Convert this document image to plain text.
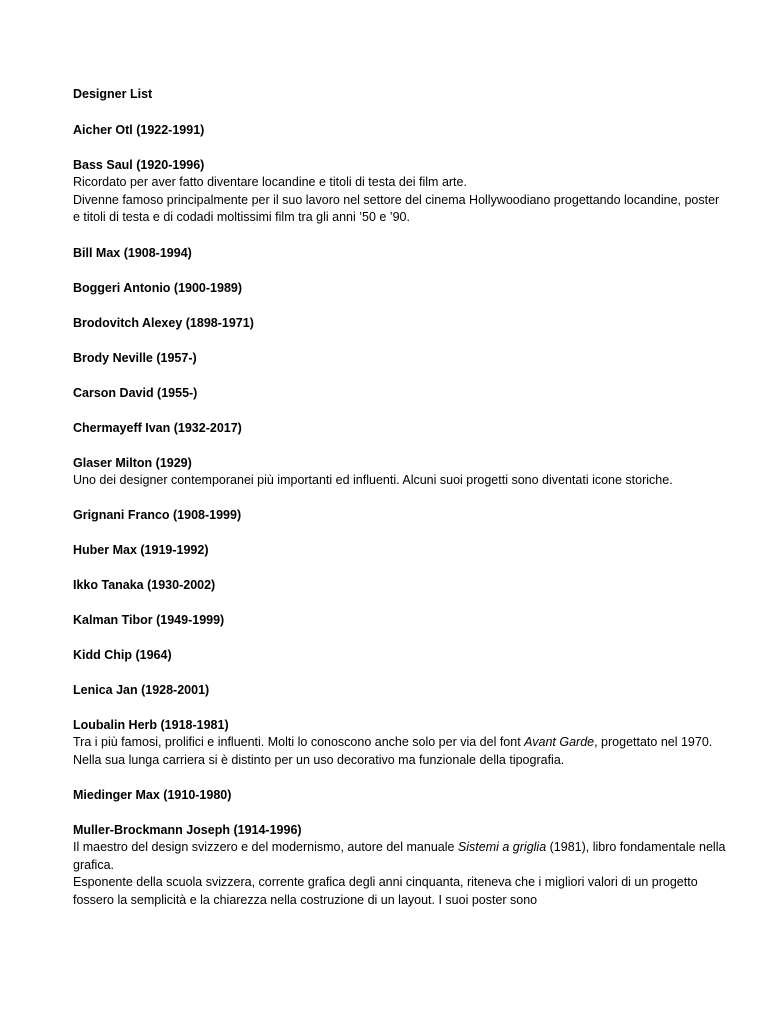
Designer List
Aicher Otl (1922-1991)
Bass Saul (1920-1996)
Ricordato per aver fatto diventare locandine e titoli di testa dei film arte.
Divenne famoso principalmente per il suo lavoro nel settore del cinema Hollywoodiano progettando locandine, poster e titoli di testa e di codadi moltissimi film tra gli anni ’50 e ’90.
Bill Max (1908-1994)
Boggeri Antonio (1900-1989)
Brodovitch Alexey (1898-1971)
Brody Neville (1957-)
Carson David (1955-)
Chermayeff Ivan (1932-2017)
Glaser Milton (1929)
Uno dei designer contemporanei più importanti ed influenti. Alcuni suoi progetti sono diventati icone storiche.
Grignani Franco (1908-1999)
Huber Max (1919-1992)
Ikko Tanaka (1930-2002)
Kalman Tibor (1949-1999)
Kidd Chip (1964)
Lenica Jan (1928-2001)
Loubalin Herb (1918-1981)
Tra i più famosi, prolifici e influenti. Molti lo conoscono anche solo per via del font Avant Garde, progettato nel 1970.
Nella sua lunga carriera si è distinto per un uso decorativo ma funzionale della tipografia.
Miedinger Max (1910-1980)
Muller-Brockmann Joseph (1914-1996)
Il maestro del design svizzero e del modernismo, autore del manuale Sistemi a griglia (1981), libro fondamentale nella grafica.
Esponente della scuola svizzera, corrente grafica degli anni cinquanta, riteneva che i migliori valori di un progetto fossero la semplicità e la chiarezza nella costruzione di un layout. I suoi poster sono
